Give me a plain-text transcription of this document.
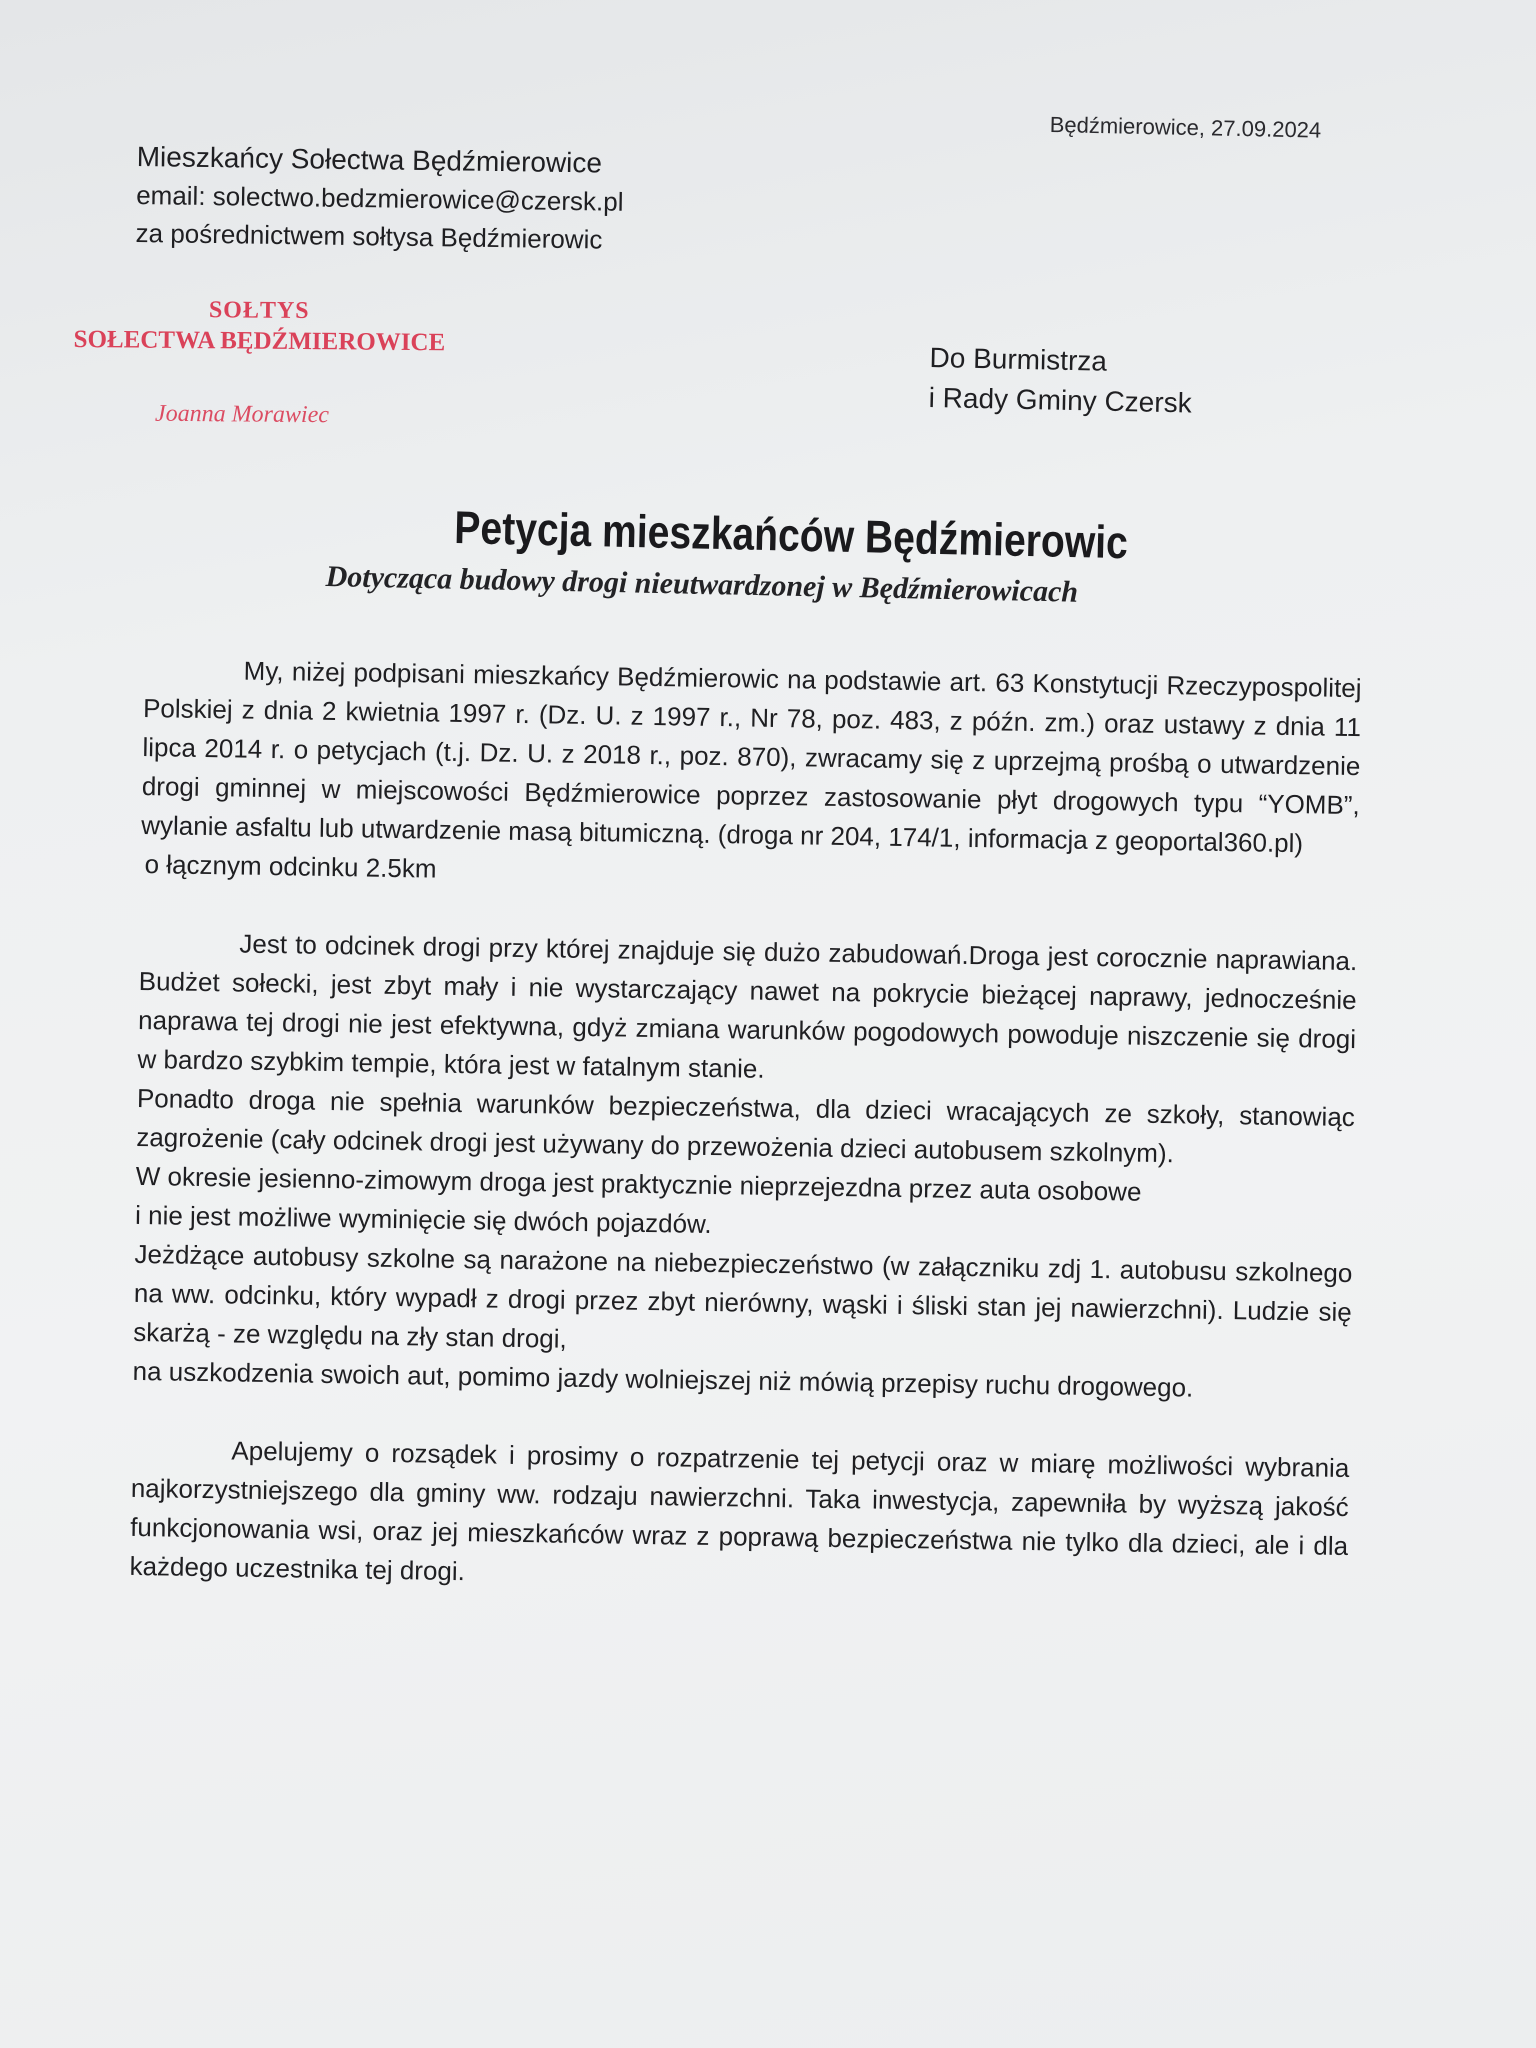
Będźmierowice, 27.09.2024
Mieszkańcy Sołectwa Będźmierowice
email: solectwo.bedzmierowice@czersk.pl
za pośrednictwem sołtysa Będźmierowic
SOŁTYS
SOŁECTWA BĘDŹMIEROWICE
Joanna Morawiec
Do Burmistrza
i Rady Gminy Czersk
Petycja mieszkańców Będźmierowic
Dotycząca budowy drogi nieutwardzonej w Będźmierowicach

My, niżej podpisani mieszkańcy Będźmierowic na podstawie art. 63 Konstytucji Rzeczypospolitej Polskiej z dnia 2 kwietnia 1997 r. (Dz. U. z 1997 r., Nr 78, poz. 483, z późn. zm.) oraz ustawy z dnia 11 lipca 2014 r. o petycjach (t.j. Dz. U. z 2018 r., poz. 870), zwracamy się z uprzejmą prośbą o utwardzenie drogi gminnej w miejscowości Będźmierowice poprzez zastosowanie płyt drogowych typu “YOMB”, wylanie asfaltu lub utwardzenie masą bitumiczną. (droga nr 204, 174/1, informacja z geoportal360.pl)

o łącznym odcinku 2.5km

Jest to odcinek drogi przy której znajduje się dużo zabudowań.Droga jest corocznie naprawiana. Budżet sołecki, jest zbyt mały i nie wystarczający nawet na pokrycie bieżącej naprawy, jednocześnie naprawa tej drogi nie jest efektywna, gdyż zmiana warunków pogodowych powoduje niszczenie się drogi w bardzo szybkim tempie, która jest w fatalnym stanie.

Ponadto droga nie spełnia warunków bezpieczeństwa, dla dzieci wracających ze szkoły, stanowiąc zagrożenie (cały odcinek drogi jest używany do przewożenia dzieci autobusem szkolnym).

W okresie jesienno-zimowym droga jest praktycznie nieprzejezdna przez auta osobowe

i nie jest możliwe wyminięcie się dwóch pojazdów.

Jeżdżące autobusy szkolne są narażone na niebezpieczeństwo (w załączniku zdj 1. autobusu szkolnego na ww. odcinku, który wypadł z drogi przez zbyt nierówny, wąski i śliski stan jej nawierzchni). Ludzie się skarżą - ze względu na zły stan drogi,

na uszkodzenia swoich aut, pomimo jazdy wolniejszej niż mówią przepisy ruchu drogowego.

Apelujemy o rozsądek i prosimy o rozpatrzenie tej petycji oraz w miarę możliwości wybrania najkorzystniejszego dla gminy ww. rodzaju nawierzchni. Taka inwestycja, zapewniła by wyższą jakość funkcjonowania wsi, oraz jej mieszkańców wraz z poprawą bezpieczeństwa nie tylko dla dzieci, ale i dla każdego uczestnika tej drogi.
